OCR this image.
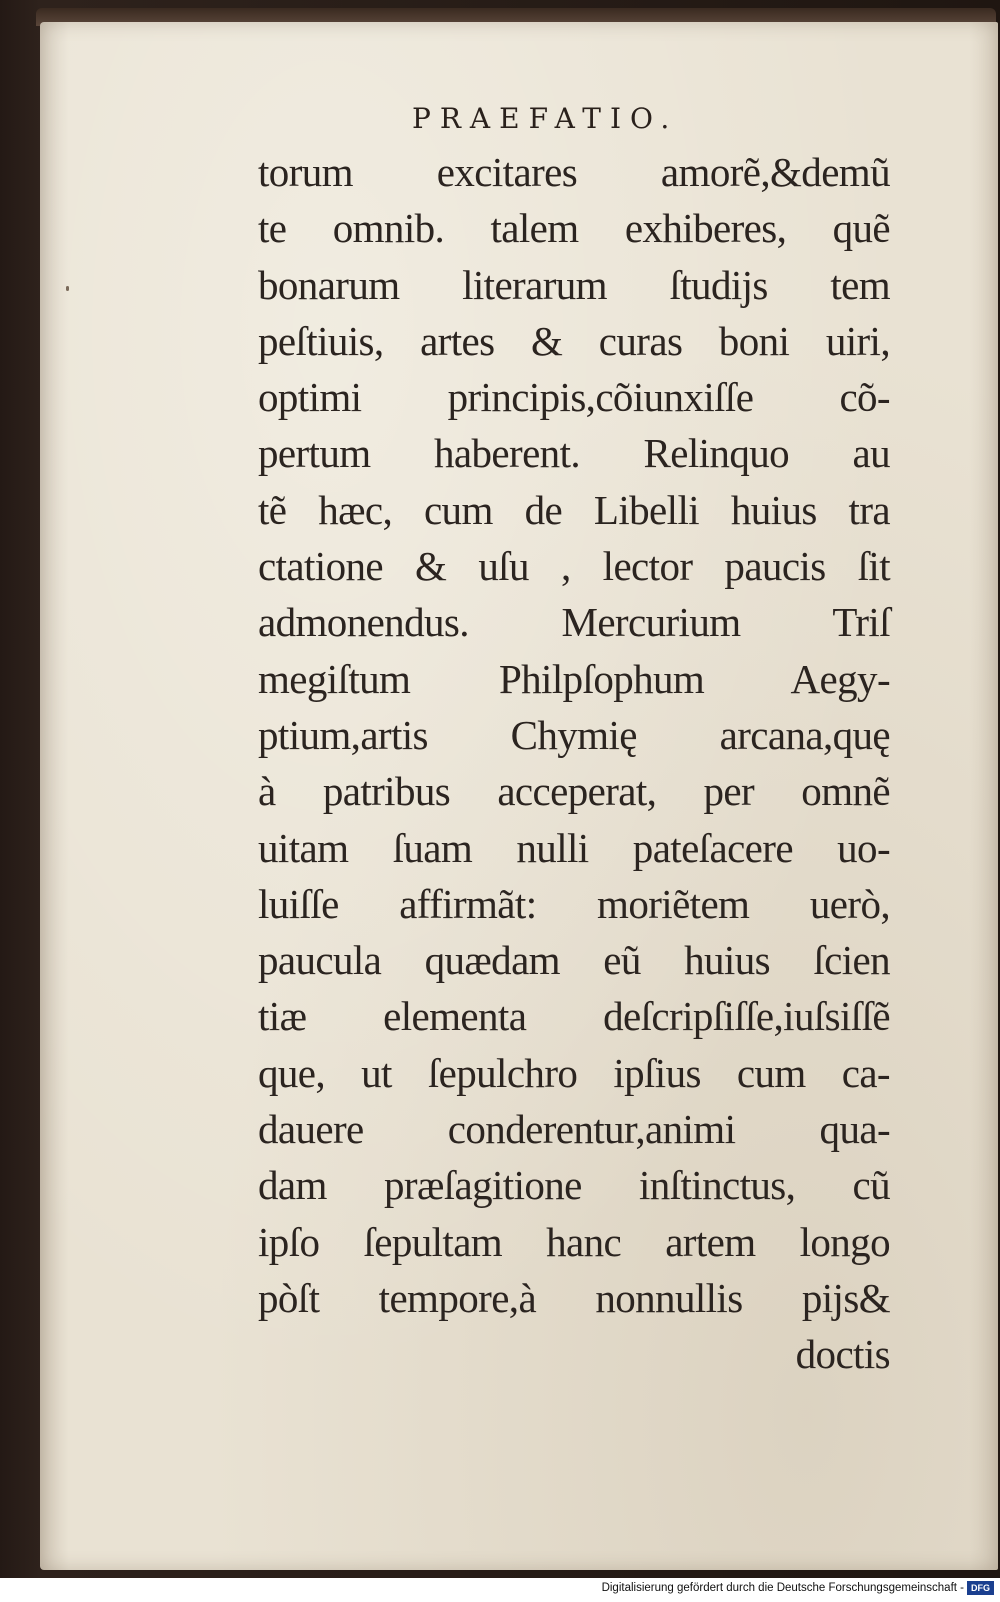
PRAEFATIO.
torum excitares amorẽ,&demũ
te omnib. talem exhiberes, quẽ
bonarum literarum ſtudijs tem
peſtiuis, artes & curas boni uiri,
optimi principis,cõiunxiſſe cõ-
pertum haberent. Relinquo au
tẽ hæc, cum de Libelli huius tra
ctatione & uſu , lector paucis ſit
admonendus. Mercurium Triſ
megiſtum Philpſophum Aegy-
ptium,artis Chymię arcana,quę
à patribus acceperat, per omnẽ
uitam ſuam nulli pateſacere uo-
luiſſe affirmãt: moriẽtem uerò,
paucula quædam eũ huius ſcien
tiæ elementa deſcripſiſſe,iuſsiſſẽ
que, ut ſepulchro ipſius cum ca-
dauere conderentur,animi qua-
dam præſagitione inſtinctus, cũ
ipſo ſepultam hanc artem longo
pòſt tempore,à nonnullis pijs&
doctis
Digitalisierung gefördert durch die Deutsche Forschungsgemeinschaft - DFG
